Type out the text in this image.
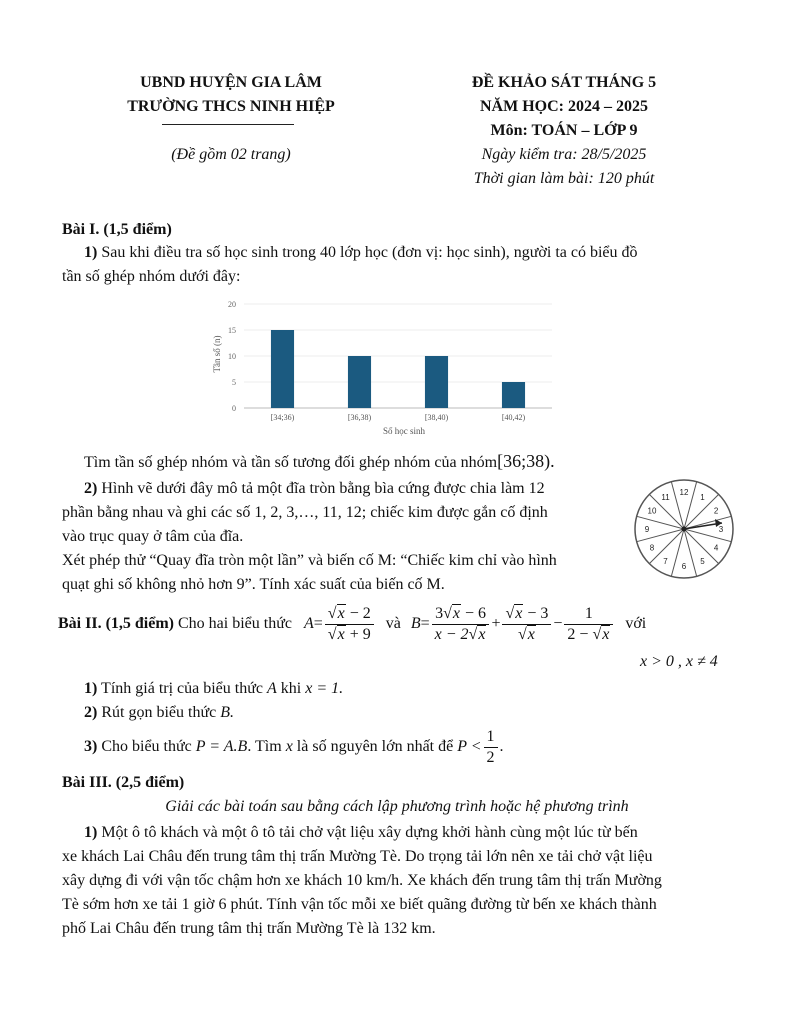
UBND HUYỆN GIA LÂM
TRƯỜNG THCS NINH HIỆP
(Đề gồm 02 trang)
ĐỀ KHẢO SÁT THÁNG 5
NĂM HỌC: 2024 – 2025
Môn: TOÁN – LỚP 9
Ngày kiểm tra: 28/5/2025
Thời gian làm bài: 120 phút
Bài I. (1,5 điểm)
1) Sau khi điều tra số học sinh trong 40 lớp học (đơn vị: học sinh), người ta có biểu đồ
tần số ghép nhóm dưới đây:
0
5
10
15
20
[34;36)	[36,38)	[38,40)	[40,42)
Tần số (n)
Số học sinh
Tìm tần số ghép nhóm và tần số tương đối ghép nhóm của nhóm[36;38).
2) Hình vẽ dưới đây mô tả một đĩa tròn bằng bìa cứng được chia làm 12
phần bằng nhau và ghi các số 1, 2, 3,…, 11, 12; chiếc kim được gắn cố định
vào trục quay ở tâm của đĩa.
Xét phép thử “Quay đĩa tròn một lần” và biến cố M: “Chiếc kim chỉ vào hình
quạt ghi số không nhỏ hơn 9”. Tính xác suất của biến cố M.
12
1
2
3
4
5
6
7
8
9
10
11
Bài II. (1,5 điểm) Cho hai biểu thức $A= \frac{√x - 2}{√x + 9}$ và $B= \frac{3√x - 6}{x - 2√x} + \frac{√x - 3}{√x} - \frac{1}{2 - √x}$ với
x > 0 , x ≠ 4
1) Tính giá trị của biểu thức A khi x = 1.
2) Rút gọn biểu thức B.
3) Cho biểu thức P = A.B. Tìm x là số nguyên lớn nhất để $P < \frac{1}{2}$ .
Bài III. (2,5 điểm)
Giải các bài toán sau bằng cách lập phương trình hoặc hệ phương trình
1) Một ô tô khách và một ô tô tải chở vật liệu xây dựng khởi hành cùng một lúc từ bến
xe khách Lai Châu đến trung tâm thị trấn Mường Tè. Do trọng tải lớn nên xe tải chở vật liệu
xây dựng đi với vận tốc chậm hơn xe khách 10 km/h. Xe khách đến trung tâm thị trấn Mường
Tè sớm hơn xe tải 1 giờ 6 phút. Tính vận tốc mỗi xe biết quãng đường từ bến xe khách thành
phố Lai Châu đến trung tâm thị trấn Mường Tè là 132 km.
